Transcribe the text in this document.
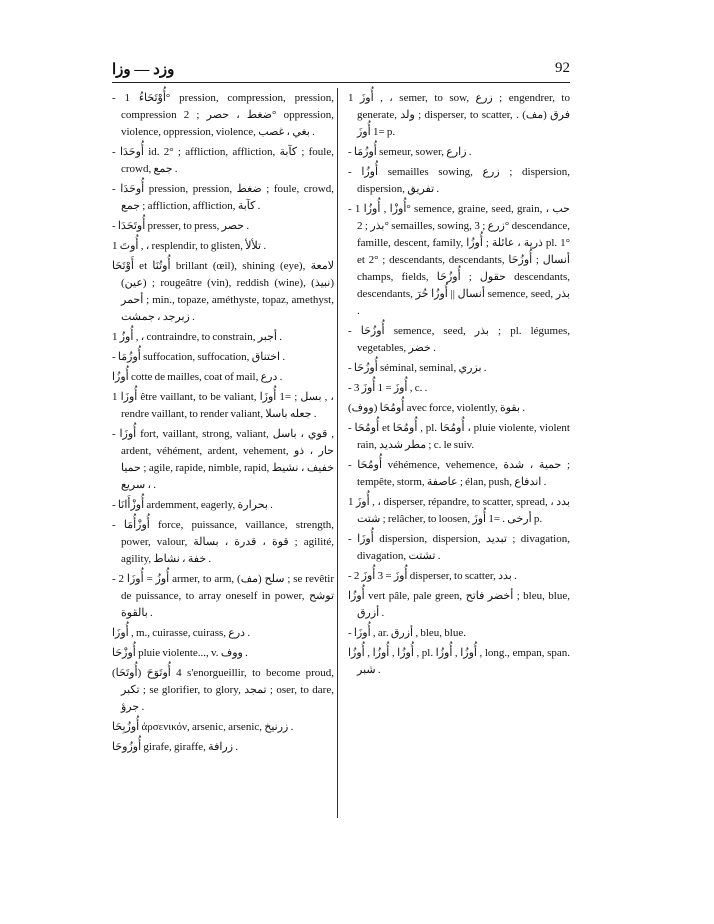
وزد — وزا	92

- أُوْتَحَاءُ 1° pression, compression, pression, compression ضغط ، حصر ; 2° oppression, violence, oppression, violence, بغي ، غصب .

- أُوحَدَا id. 2° ; affliction, affliction, كآبة ; foule, crowd, جمع .

- أُوحَدَا pression, pression, ضغط ; foule, crowd, جمع ; affliction, affliction, كآبة .

- أُوتَحَدَا presser, to press, حصر .

1 أُوتَ , ، resplendir, to glisten, تلألأ .

أَوْتَحَا et أُوتُنَا brillant (œil), shining (eye), لامعة (عين) ; rougeâtre (vin), reddish (wine), (نبيذ) أحمر ; min., topaze, améthyste, topaz, amethyst, زبرجد ، جمشت .

1 أُوزُ , ، contraindre, to constrain, أجبر .

- أُوزُمَا suffocation, suffocation, اختناق .

أُوزُا cotte de mailles, coat of mail, درع .

1 أُوزَا être vaillant, to be valiant, بسل ; =1 أُوزَا , ، rendre vaillant, to render valiant, جعله باسلا .

- أُوزَا fort, vaillant, strong, valiant, قوي ، باسل , ardent, véhément, ardent, vehement, حار ، ذو حميا ; agile, rapide, nimble, rapid, خفيف ، نشيط ، سريع .

- أُوزْأَانَا ardemment, eagerly, بحرارة .

- أُوزْأُمَا force, puissance, vaillance, strength, power, valour, قوة ، قدرة ، بسالة ; agilité, agility, خفة ، نشاط .

- 2 أُوزُ = أُوزَا armer, to arm, سلح (مف) ; se revêtir de puissance, to array oneself in power, توشح بالقوة .

أُوزَا , m., cuirasse, cuirass, درع .

أُوزْحَا pluie violente..., v. ووف .

(أُوتَحَا) 4 أُوتَوَحَ s'enorgueillir, to become proud, تكبر ; se glorifier, to glory, تمجد ; oser, to dare, جرؤ .

أُوزُبِحَا ἀρσενικόν, arsenic, arsenic, زرنيخ .

أُوزُوحَا girafe, giraffe, زرافة .

1 أُوزَ , ، semer, to sow, زرع ; engendrer, to generate, ولد ; disperser, to scatter, فرق (مف) . =1 أُوزَ p.

- أُوزُمَا semeur, sower, زارع .

- أُوزُا semailles sowing, زرع ; dispersion, dispersion, تفريق .

- أُوزْا , أُوزُا 1° semence, graine, seed, grain, حب ، بذر ; 2° semailles, sowing, زرع ; 3° descendance, famille, descent, family, ذرية ، عائلة ; أُوزُا pl. 1° et 2° ; descendants, descendants, أنسال ; أُوزُحَا champs, fields, حقول ; أُوزُحَا descendants, descendants, أنسال || أُوزُا حُرَ semence, seed, بذر .

- أُوزُحَا semence, seed, بذر ; pl. légumes, vegetables, خضر .

- أُوزُحَا séminal, seminal, بزري .

- 3 أُوزَ = 1 أُوزَ , c. .

(ووف) أُومُحَا avec force, violently, بقوة .

- أُومُحَا et أُومُحَا , pl. أُومُحَا ، pluie violente, violent rain, مطر شديد ; c. le suiv.

- أُومُحَا véhémence, vehemence, حمية ، شدة ; tempête, storm, عاصفة ; élan, push, اندفاع .

1 أُوزَ , ، disperser, répandre, to scatter, spread, بدد ، شتت ; relâcher, to loosen, أرخى . =1 أُوزَ p.

- أُوزَا dispersion, dispersion, تبديد ; divagation, divagation, تشتت .

- 2 أُوزَ = 3 أُوزَ disperser, to scatter, بدد .

أُوزُا vert pâle, pale green, أخضر فاتح ; bleu, blue, أزرق .

- أُوزَا , ar. أزرق , bleu, blue.

أُوزُا , أُوزُا , أُوزُا , pl. أُوزُا , أُوزُا , long., empan, span. شبر .
